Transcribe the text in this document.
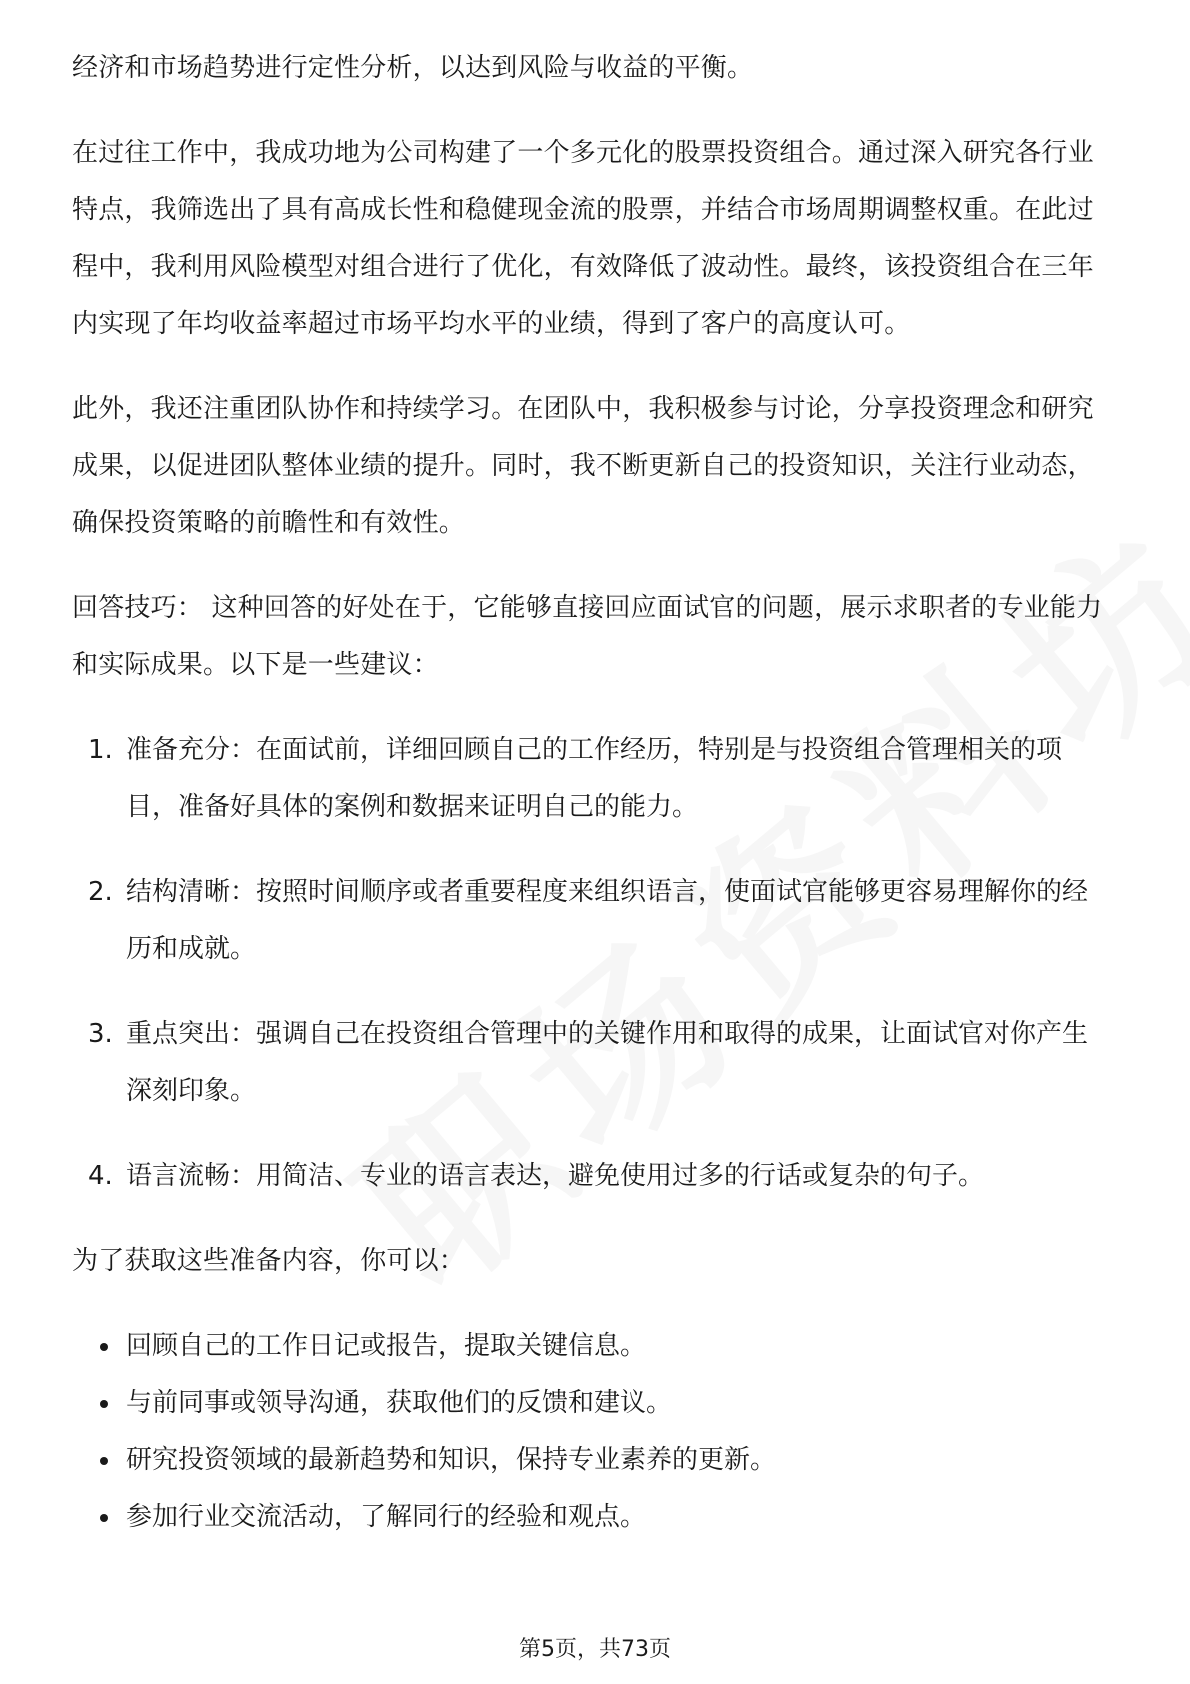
经济和市场趋势进行定性分析，以达到风险与收益的平衡。

在过往工作中，我成功地为公司构建了一个多元化的股票投资组合。通过深入研究各行业特点，我筛选出了具有高成长性和稳健现金流的股票，并结合市场周期调整权重。在此过程中，我利用风险模型对组合进行了优化，有效降低了波动性。最终，该投资组合在三年内实现了年均收益率超过市场平均水平的业绩，得到了客户的高度认可。

此外，我还注重团队协作和持续学习。在团队中，我积极参与讨论，分享投资理念和研究成果，以促进团队整体业绩的提升。同时，我不断更新自己的投资知识，关注行业动态，确保投资策略的前瞻性和有效性。

回答技巧： 这种回答的好处在于，它能够直接回应面试官的问题，展示求职者的专业能力和实际成果。以下是一些建议：

1. 准备充分：在面试前，详细回顾自己的工作经历，特别是与投资组合管理相关的项目，准备好具体的案例和数据来证明自己的能力。
2. 结构清晰：按照时间顺序或者重要程度来组织语言，使面试官能够更容易理解你的经历和成就。
3. 重点突出：强调自己在投资组合管理中的关键作用和取得的成果，让面试官对你产生深刻印象。
4. 语言流畅：用简洁、专业的语言表达，避免使用过多的行话或复杂的句子。

为了获取这些准备内容，你可以：

回顾自己的工作日记或报告，提取关键信息。
与前同事或领导沟通，获取他们的反馈和建议。
研究投资领域的最新趋势和知识，保持专业素养的更新。
参加行业交流活动，了解同行的经验和观点。
第5页，共73页
